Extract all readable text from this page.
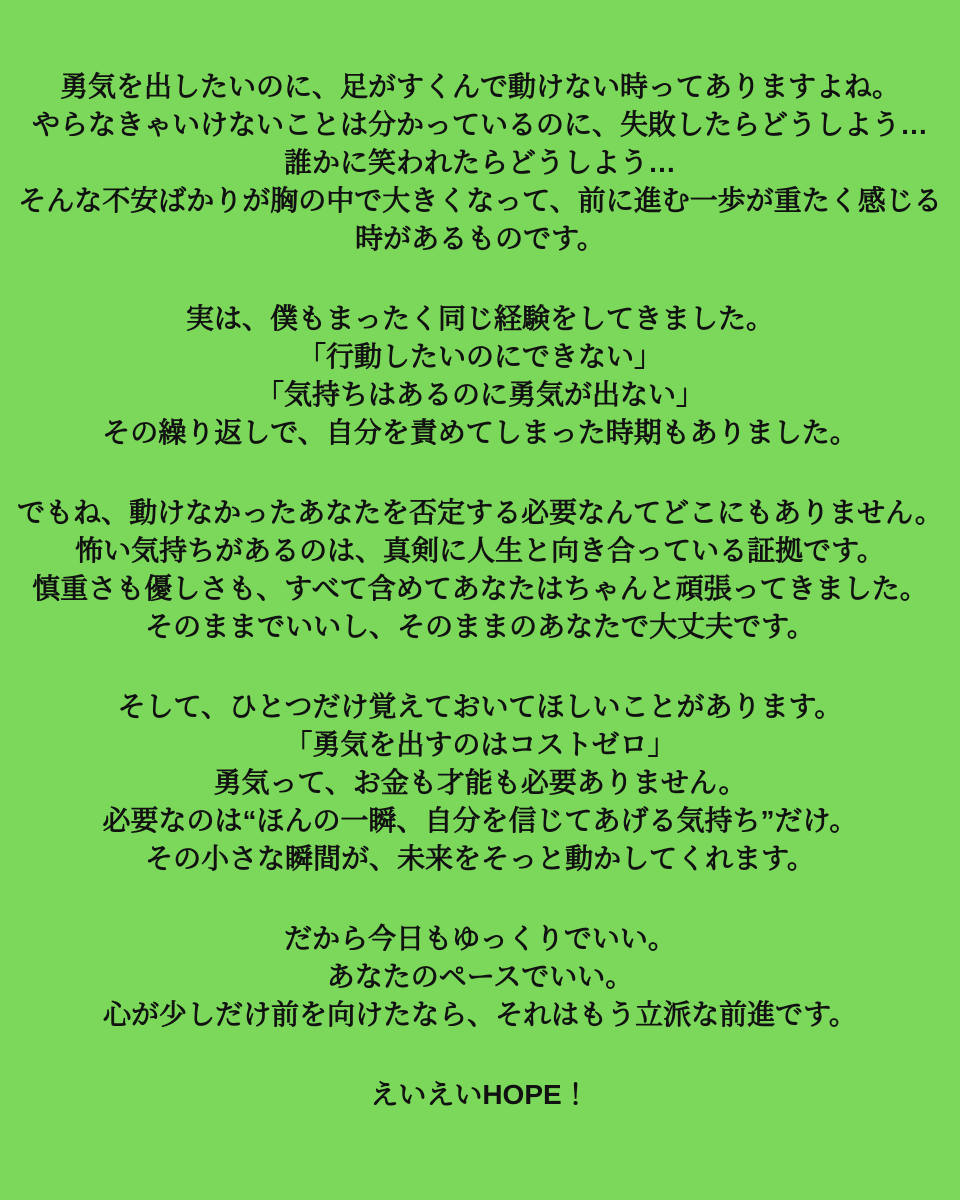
勇気を出したいのに、足がすくんで動けない時ってありますよね。
やらなきゃいけないことは分かっているのに、失敗したらどうしよう…
誰かに笑われたらどうしよう…
そんな不安ばかりが胸の中で大きくなって、前に進む一歩が重たく感じる
時があるものです。
実は、僕もまったく同じ経験をしてきました。
「行動したいのにできない」
「気持ちはあるのに勇気が出ない」
その繰り返しで、自分を責めてしまった時期もありました。
でもね、動けなかったあなたを否定する必要なんてどこにもありません。
怖い気持ちがあるのは、真剣に人生と向き合っている証拠です。
慎重さも優しさも、すべて含めてあなたはちゃんと頑張ってきました。
そのままでいいし、そのままのあなたで大丈夫です。
そして、ひとつだけ覚えておいてほしいことがあります。
「勇気を出すのはコストゼロ」
勇気って、お金も才能も必要ありません。
必要なのは“ほんの一瞬、自分を信じてあげる気持ち”だけ。
その小さな瞬間が、未来をそっと動かしてくれます。
だから今日もゆっくりでいい。
あなたのペースでいい。
心が少しだけ前を向けたなら、それはもう立派な前進です。
えいえいHOPE！
